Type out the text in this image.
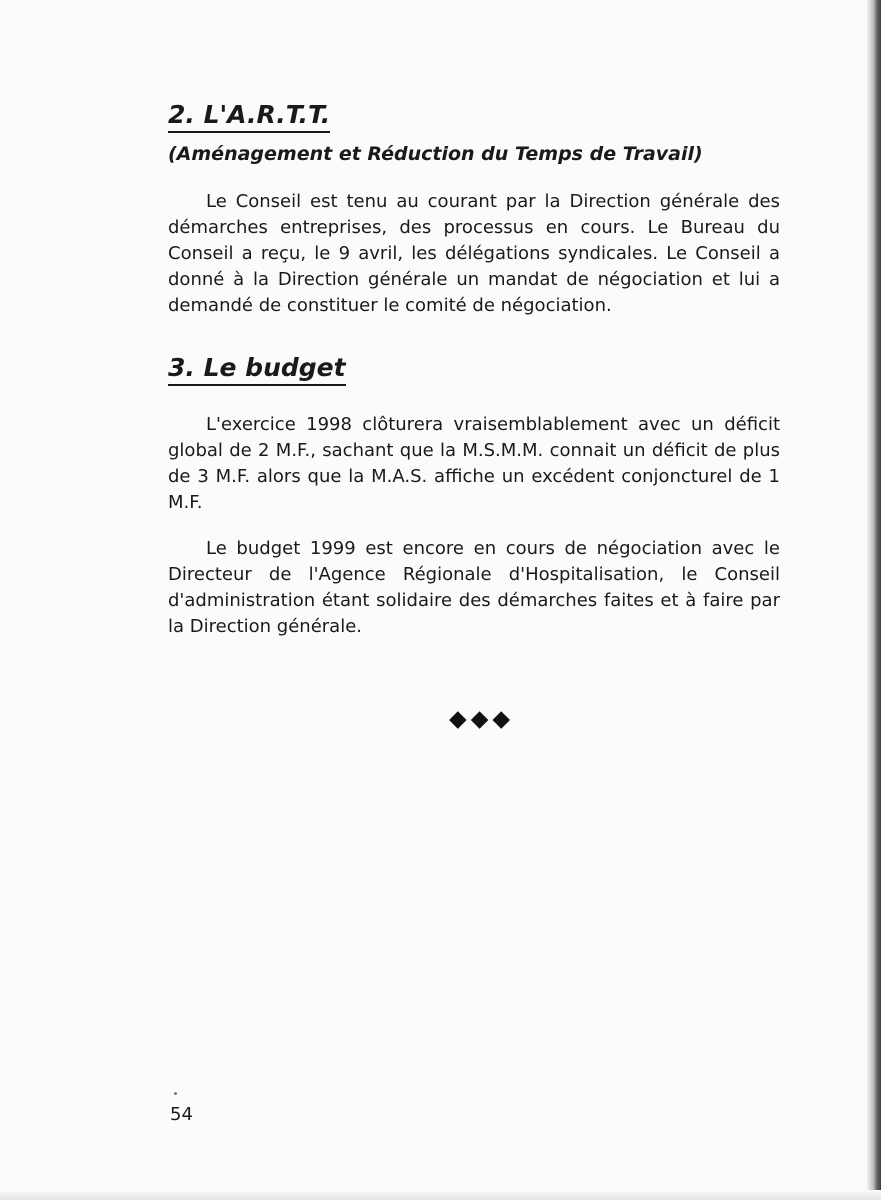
2. L'A.R.T.T.
(Aménagement et Réduction du Temps de Travail)

Le Conseil est tenu au courant par la Direction générale des démarches entreprises, des processus en cours. Le Bureau du Conseil a reçu, le 9 avril, les délégations syndicales. Le Conseil a donné à la Direction générale un mandat de négociation et lui a demandé de constituer le comité de négociation.

3. Le budget

L'exercice 1998 clôturera vraisemblablement avec un déficit global de 2 M.F., sachant que la M.S.M.M. connait un déficit de plus de 3 M.F. alors que la M.A.S. affiche un excédent conjoncturel de 1 M.F.

Le budget 1999 est encore en cours de négociation avec le Directeur de l'Agence Régionale d'Hospitalisation, le Conseil d'administration étant solidaire des démarches faites et à faire par la Direction générale.

◆◆◆
54
